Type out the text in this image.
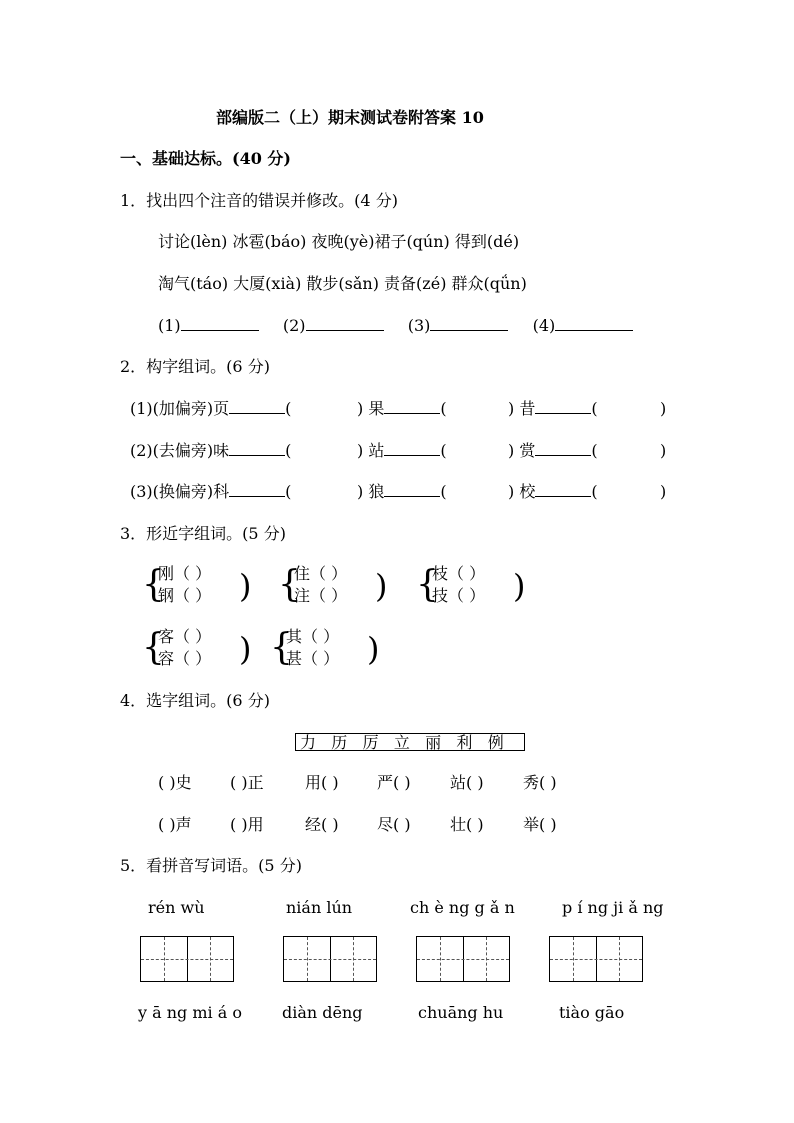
部编版二（上）期末测试卷附答案 10
一、基础达标。(40 分)
1．找出四个注音的错误并修改。(4 分)
讨论(lèn) 冰雹(báo) 夜晚(yè)裙子(qún) 得到(dé)
淘气(táo) 大厦(xià) 散步(sǎn) 责备(zé) 群众(qǘn)
(1)	(2)	(3)	(4)
2．构字组词。(6 分)
(1)(加偏旁)页	(	) 果	(	) 昔	(	)
(2)(去偏旁)味	(	) 站	(	) 赏	(	)
(3)(换偏旁)科	(	) 狼	(	) 校	(	)
3．形近字组词。(5 分)
{
刚（ ）
钢（ ） ) {
住（ ）
注（ ） ) {
枝（ ）
技（ ） )
{
客（ ）
容（ ） ) {
其（ ）
甚（ ） )
4．选字组词。(6 分)
力 历 厉 立 丽 利 例
( )史 ( )正	用( ) 严( ) 站( ) 秀( )
( )声 ( )用	经( ) 尽( ) 壮( ) 举( )
5．看拼音写词语。(5 分)
rén wù	nián lún	ch è ng g ǎ n	p í ng ji ǎ ng
y ā ng mi á o diàn dēng	chuāng hu	tiào gāo
